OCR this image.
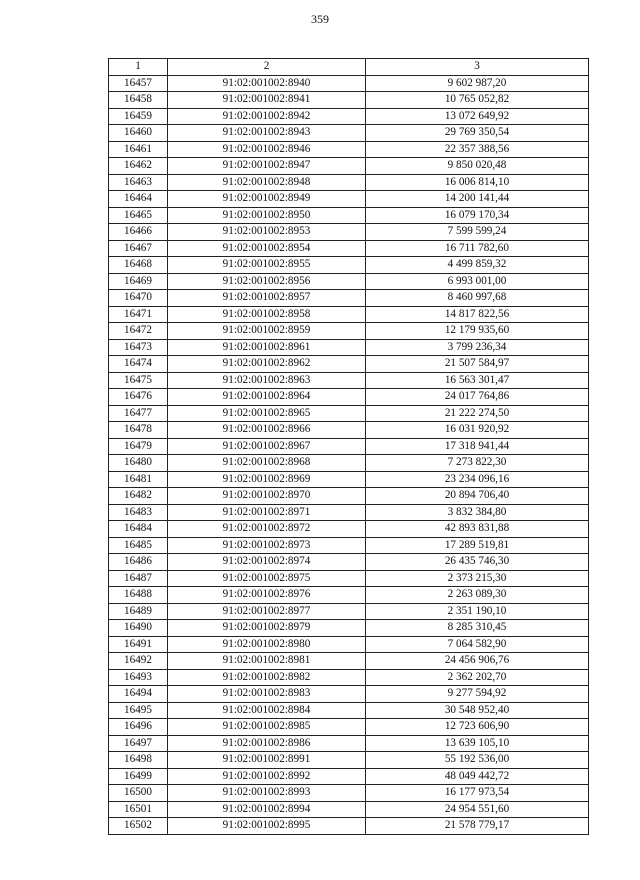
359
1	2	3
16457	91:02:001002:8940	9 602 987,20
16458	91:02:001002:8941	10 765 052,82
16459	91:02:001002:8942	13 072 649,92
16460	91:02:001002:8943	29 769 350,54
16461	91:02:001002:8946	22 357 388,56
16462	91:02:001002:8947	9 850 020,48
16463	91:02:001002:8948	16 006 814,10
16464	91:02:001002:8949	14 200 141,44
16465	91:02:001002:8950	16 079 170,34
16466	91:02:001002:8953	7 599 599,24
16467	91:02:001002:8954	16 711 782,60
16468	91:02:001002:8955	4 499 859,32
16469	91:02:001002:8956	6 993 001,00
16470	91:02:001002:8957	8 460 997,68
16471	91:02:001002:8958	14 817 822,56
16472	91:02:001002:8959	12 179 935,60
16473	91:02:001002:8961	3 799 236,34
16474	91:02:001002:8962	21 507 584,97
16475	91:02:001002:8963	16 563 301,47
16476	91:02:001002:8964	24 017 764,86
16477	91:02:001002:8965	21 222 274,50
16478	91:02:001002:8966	16 031 920,92
16479	91:02:001002:8967	17 318 941,44
16480	91:02:001002:8968	7 273 822,30
16481	91:02:001002:8969	23 234 096,16
16482	91:02:001002:8970	20 894 706,40
16483	91:02:001002:8971	3 832 384,80
16484	91:02:001002:8972	42 893 831,88
16485	91:02:001002:8973	17 289 519,81
16486	91:02:001002:8974	26 435 746,30
16487	91:02:001002:8975	2 373 215,30
16488	91:02:001002:8976	2 263 089,30
16489	91:02:001002:8977	2 351 190,10
16490	91:02:001002:8979	8 285 310,45
16491	91:02:001002:8980	7 064 582,90
16492	91:02:001002:8981	24 456 906,76
16493	91:02:001002:8982	2 362 202,70
16494	91:02:001002:8983	9 277 594,92
16495	91:02:001002:8984	30 548 952,40
16496	91:02:001002:8985	12 723 606,90
16497	91:02:001002:8986	13 639 105,10
16498	91:02:001002:8991	55 192 536,00
16499	91:02:001002:8992	48 049 442,72
16500	91:02:001002:8993	16 177 973,54
16501	91:02:001002:8994	24 954 551,60
16502	91:02:001002:8995	21 578 779,17
